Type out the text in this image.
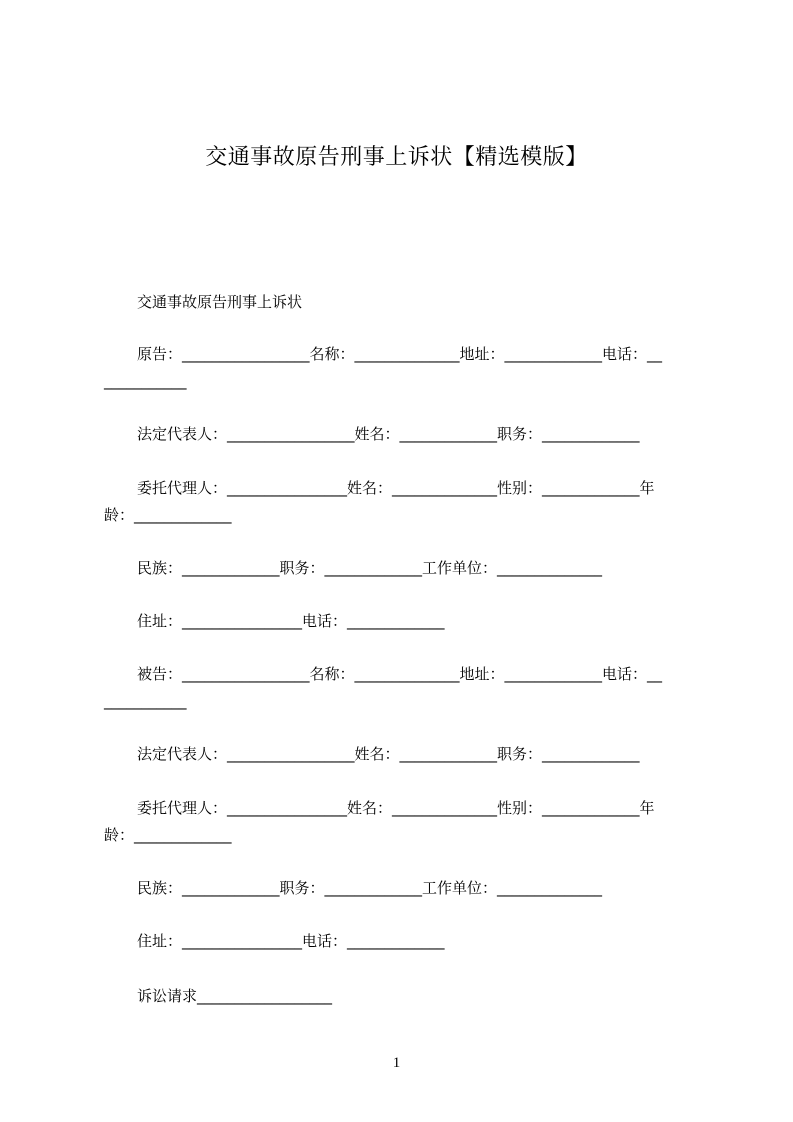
交通事故原告刑事上诉状【精选模版】
交通事故原告刑事上诉状
原告：_________________名称：______________地址：_____________电话：__
___________
法定代表人：_________________姓名：_____________职务：_____________
委托代理人：________________姓名：______________性别：_____________年
龄：_____________
民族：_____________职务：_____________工作单位：______________
住址：________________电话：_____________
被告：_________________名称：______________地址：_____________电话：__
___________
法定代表人：_________________姓名：_____________职务：_____________
委托代理人：________________姓名：______________性别：_____________年
龄：_____________
民族：_____________职务：_____________工作单位：______________
住址：________________电话：_____________
诉讼请求__________________
1
